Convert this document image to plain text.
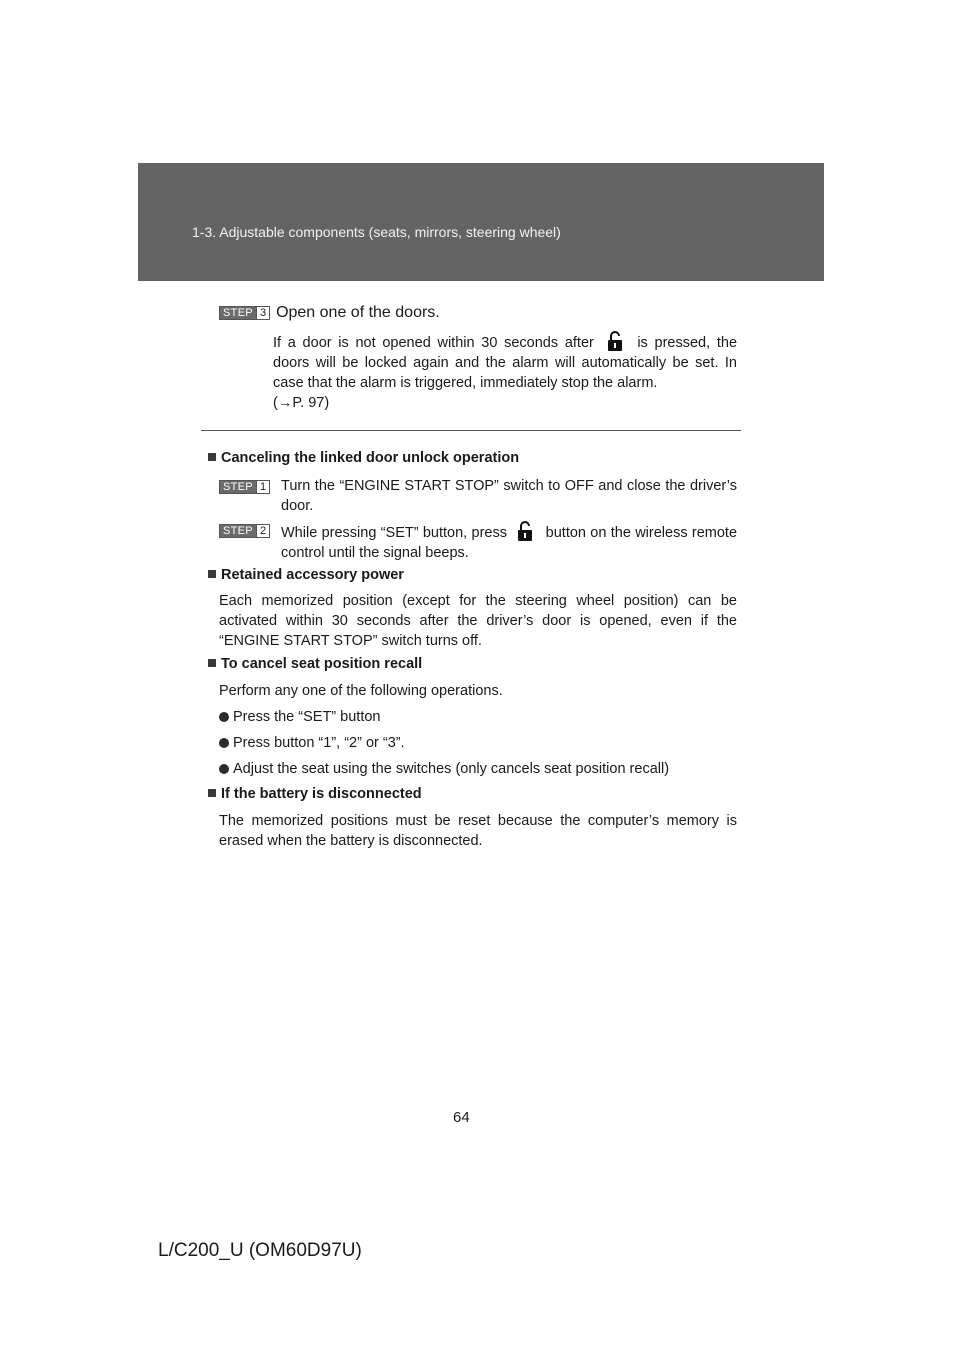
1-3. Adjustable components (seats, mirrors, steering wheel)
STEP 3 Open one of the doors.
If a door is not opened within 30 seconds after	is pressed, the doors will be locked again and the alarm will automatically be set. In case that the alarm is triggered, immediately stop the alarm.
(→P. 97)
Canceling the linked door unlock operation
STEP 1 Turn the “ENGINE START STOP” switch to OFF and close the driver’s door.
STEP 2 While pressing “SET” button, press	button on the wireless remote control until the signal beeps.
Retained accessory power
Each memorized position (except for the steering wheel position) can be activated within 30 seconds after the driver’s door is opened, even if the “ENGINE START STOP” switch turns off.
To cancel seat position recall
Perform any one of the following operations.
Press the “SET” button
Press button “1”, “2” or “3”.
Adjust the seat using the switches (only cancels seat position recall)
If the battery is disconnected
The memorized positions must be reset because the computer’s memory is erased when the battery is disconnected.
64
L/C200_U (OM60D97U)
